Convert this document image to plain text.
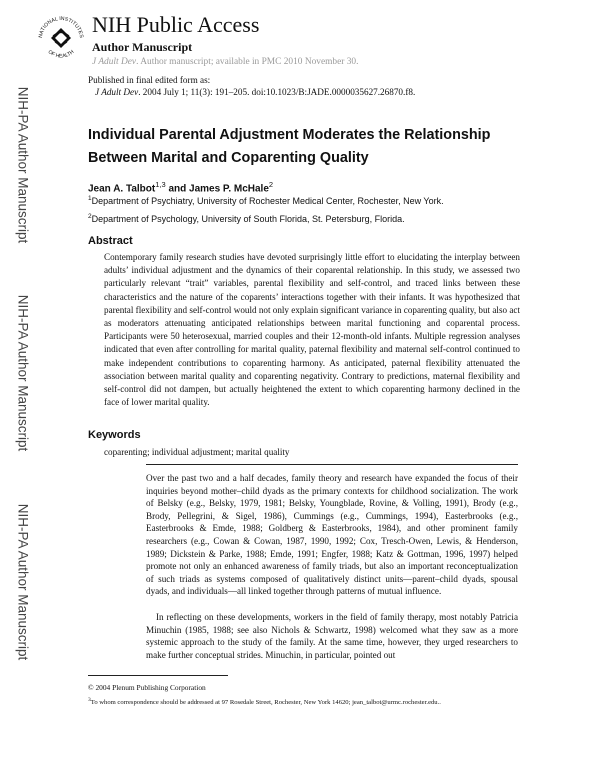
NATIONAL INSTITUTES
OF HEALTH
NIH Public Access
Author Manuscript
J Adult Dev. Author manuscript; available in PMC 2010 November 30.
NIH-PA Author Manuscript
NIH-PA Author Manuscript
NIH-PA Author Manuscript
Published in final edited form as:
J Adult Dev. 2004 July 1; 11(3): 191–205. doi:10.1023/B:JADE.0000035627.26870.f8.
Individual Parental Adjustment Moderates the Relationship
Between Marital and Coparenting Quality
Jean A. Talbot$^{1,3}$ and James P. McHale$^2$
$^1$Department of Psychiatry, University of Rochester Medical Center, Rochester, New York.
$^2$Department of Psychology, University of South Florida, St. Petersburg, Florida.
Abstract
Contemporary family research studies have devoted surprisingly little effort to elucidating the interplay between adults’ individual adjustment and the dynamics of their coparental relationship. In this study, we assessed two particularly relevant “trait” variables, parental flexibility and self-control, and traced links between these characteristics and the nature of the coparents’ interactions together with their infants. It was hypothesized that parental flexibility and self-control would not only explain significant variance in coparenting quality, but also act as moderators attenuating anticipated relationships between marital functioning and coparental process. Participants were 50 heterosexual, married couples and their 12-month-old infants. Multiple regression analyses indicated that even after controlling for marital quality, paternal flexibility and maternal self-control continued to make independent contributions to coparenting harmony. As anticipated, paternal flexibility attenuated the association between marital quality and coparenting negativity. Contrary to predictions, maternal flexibility and self-control did not dampen, but actually heightened the extent to which coparenting harmony declined in the face of lower marital quality.
Keywords
coparenting; individual adjustment; marital quality
Over the past two and a half decades, family theory and research have expanded the focus of their inquiries beyond mother–child dyads as the primary contexts for childhood socialization. The work of Belsky (e.g., Belsky, 1979, 1981; Belsky, Youngblade, Rovine, & Volling, 1991), Brody (e.g., Brody, Pellegrini, & Sigel, 1986), Cummings (e.g., Cummings, 1994), Easterbrooks (e.g., Easterbrooks & Emde, 1988; Goldberg & Easterbrooks, 1984), and other prominent family researchers (e.g., Cowan & Cowan, 1987, 1990, 1992; Cox, Tresch-Owen, Lewis, & Henderson, 1989; Dickstein & Parke, 1988; Emde, 1991; Engfer, 1988; Katz & Gottman, 1996, 1997) helped promote not only an enhanced awareness of family triads, but also an important reconceptualization of such triads as systems composed of qualitatively distinct units—parent–child dyads, spousal dyads, and individuals—all linked together through patterns of mutual influence.

In reflecting on these developments, workers in the field of family therapy, most notably Patricia Minuchin (1985, 1988; see also Nichols & Schwartz, 1998) welcomed what they saw as a more systemic approach to the study of the family. At the same time, however, they urged researchers to make further conceptual strides. Minuchin, in particular, pointed out

© 2004 Plenum Publishing Corporation
$^3$To whom correspondence should be addressed at 97 Rosedale Street, Rochester, New York 14620; jean_talbot@urmc.rochester.edu..
